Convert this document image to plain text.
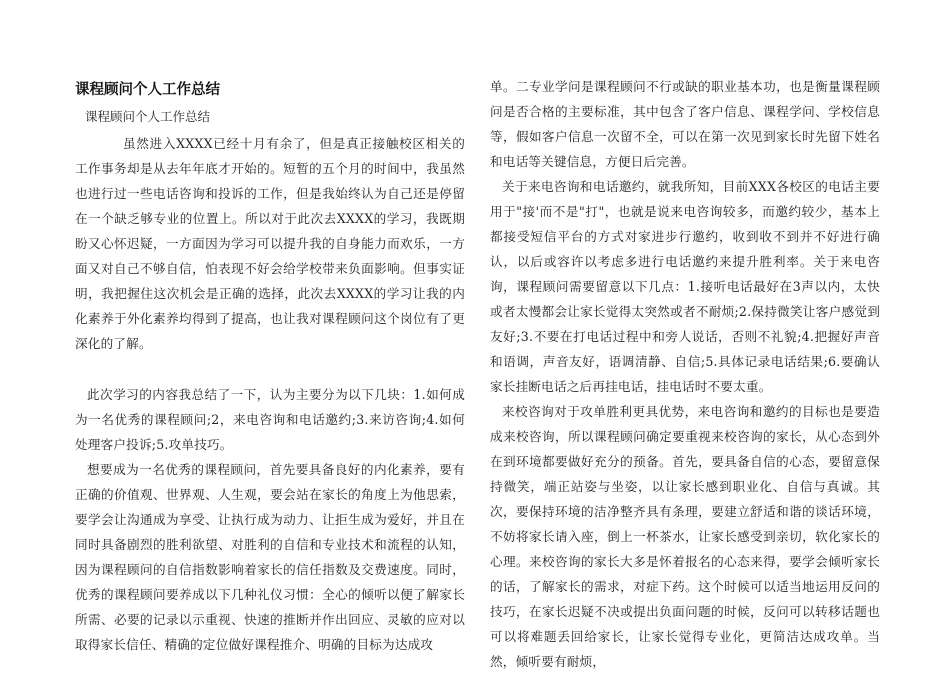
课程顾问个人工作总结
课程顾问个人工作总结

虽然进入XXXX已经十月有余了，但是真正接触校区相关的工作事务却是从去年年底才开始的。短暂的五个月的时间中，我虽然也进行过一些电话咨询和投诉的工作，但是我始终认为自己还是停留在一个缺乏够专业的位置上。所以对于此次去XXXX的学习，我既期盼又心怀迟疑，一方面因为学习可以提升我的自身能力而欢乐，一方面又对自己不够自信，怕表现不好会给学校带来负面影响。但事实证明，我把握住这次机会是正确的选择，此次去XXXX的学习让我的内化素养于外化素养均得到了提高，也让我对课程顾问这个岗位有了更深化的了解。

此次学习的内容我总结了一下，认为主要分为以下几块：1.如何成为一名优秀的课程顾问;2，来电咨询和电话邀约;3.来访咨询;4.如何处理客户投诉;5.攻单技巧。

想要成为一名优秀的课程顾问，首先要具备良好的内化素养，要有正确的价值观、世界观、人生观，要会站在家长的角度上为他思索，要学会让沟通成为享受、让执行成为动力、让拒生成为爱好，并且在同时具备剧烈的胜利欲望、对胜利的自信和专业技术和流程的认知，因为课程顾问的自信指数影响着家长的信任指数及交费速度。同时，优秀的课程顾问要养成以下几种礼仪习惯：全心的倾听以便了解家长所需、必要的记录以示重视、快速的推断并作出回应、灵敏的应对以取得家长信任、精确的定位做好课程推介、明确的目标为达成攻

单。二专业学问是课程顾问不行或缺的职业基本功，也是衡量课程顾问是否合格的主要标准，其中包含了客户信息、课程学问、学校信息等，假如客户信息一次留不全，可以在第一次见到家长时先留下姓名和电话等关键信息，方便日后完善。

关于来电咨询和电话邀约，就我所知，目前XXX各校区的电话主要用于"接'而不是"打"，也就是说来电咨询较多，而邀约较少，基本上都接受短信平台的方式对家进步行邀约，收到收不到并不好进行确认，以后或容许以考虑多进行电话邀约来提升胜利率。关于来电咨询，课程顾问需要留意以下几点：1.接听电话最好在3声以内，太快或者太慢都会让家长觉得太突然或者不耐烦;2.保持微笑让客户感觉到友好;3.不要在打电话过程中和旁人说话，否则不礼貌;4.把握好声音和语调，声音友好，语调清静、自信;5.具体记录电话结果;6.要确认家长挂断电话之后再挂电话，挂电话时不要太重。

来校咨询对于攻单胜利更具优势，来电咨询和邀约的目标也是要造成来校咨询，所以课程顾问确定要重视来校咨询的家长，从心态到外在到环境都要做好充分的预备。首先，要具备自信的心态，要留意保持微笑，端正站姿与坐姿，以让家长感到职业化、自信与真诚。其次，要保持环境的洁净整齐具有条理，要建立舒适和谐的谈话环境，不妨将家长请入座，倒上一杯茶水，让家长感受到亲切，软化家长的心理。来校咨询的家长大多是怀着报名的心态来得，要学会倾听家长的话，了解家长的需求，对症下药。这个时候可以适当地运用反问的技巧，在家长迟疑不决或提出负面问题的时候，反问可以转移话题也可以将难题丢回给家长，让家长觉得专业化，更简洁达成攻单。当然，倾听要有耐烦，
